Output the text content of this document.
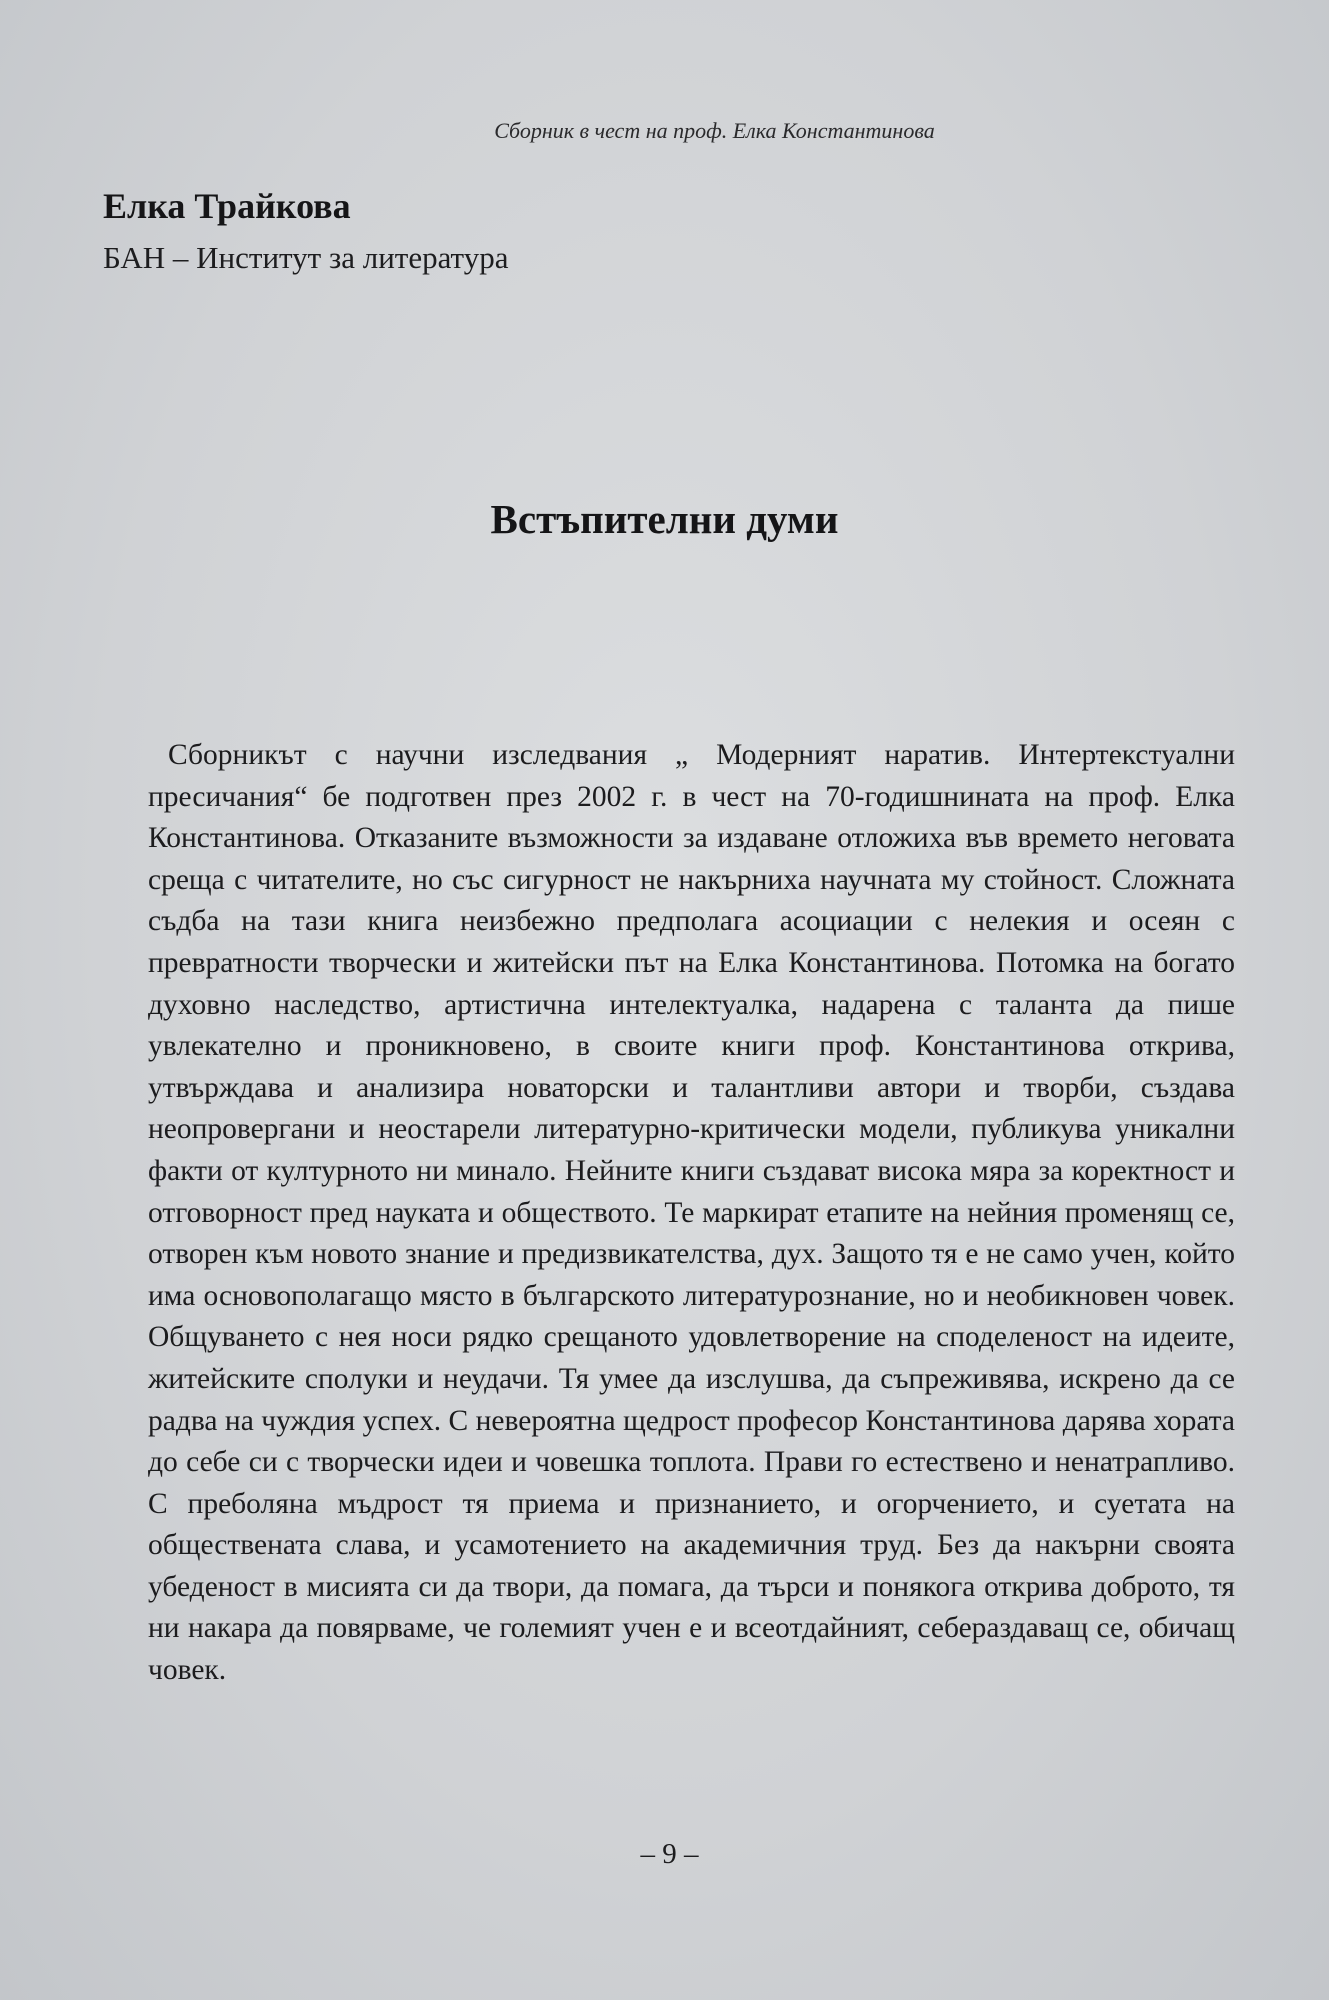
Сборник в чест на проф. Елка Константинова
Елка Трайкова
БАН – Институт за литература
Встъпителни думи

Сборникът с научни изследвания „ Модерният наратив. Интертекстуални пресичания“ бе подготвен през 2002 г. в чест на 70-годишнината на проф. Елка Константинова. Отказаните възможности за издаване отложиха във времето неговата среща с читателите, но със сигурност не накърниха научната му стойност. Сложната съдба на тази книга неизбежно предполага асоциации с нелекия и осеян с превратности творчески и житейски път на Елка Константинова. Потомка на богато духовно наследство, артистична интелектуалка, надарена с таланта да пише увлекателно и проникновено, в своите книги проф. Константинова открива, утвърждава и анализира новаторски и талантливи автори и творби, създава неопровергани и неостарели литературно-критически модели, публикува уникални факти от културното ни минало. Нейните книги създават висока мяра за коректност и отговорност пред науката и обществото. Те маркират етапите на нейния променящ се, отворен към новото знание и предизвикателства, дух. Защото тя е не само учен, който има основополагащо място в българското литературознание, но и необикновен човек. Общуването с нея носи рядко срещаното удовлетворение на споделеност на идеите, житейските сполуки и неудачи. Тя умее да изслушва, да съпреживява, искрено да се радва на чуждия успех. С невероятна щедрост професор Константинова дарява хората до себе си с творчески идеи и човешка топлота. Прави го естествено и ненатрапливо. С преболяна мъдрост тя приема и признанието, и огорчението, и суетата на обществената слава, и усамотението на академичния труд. Без да накърни своята убеденост в мисията си да твори, да помага, да търси и понякога открива доброто, тя ни накара да повярваме, че големият учен е и всеотдайният, себераздаващ се, обичащ човек.

– 9 –
